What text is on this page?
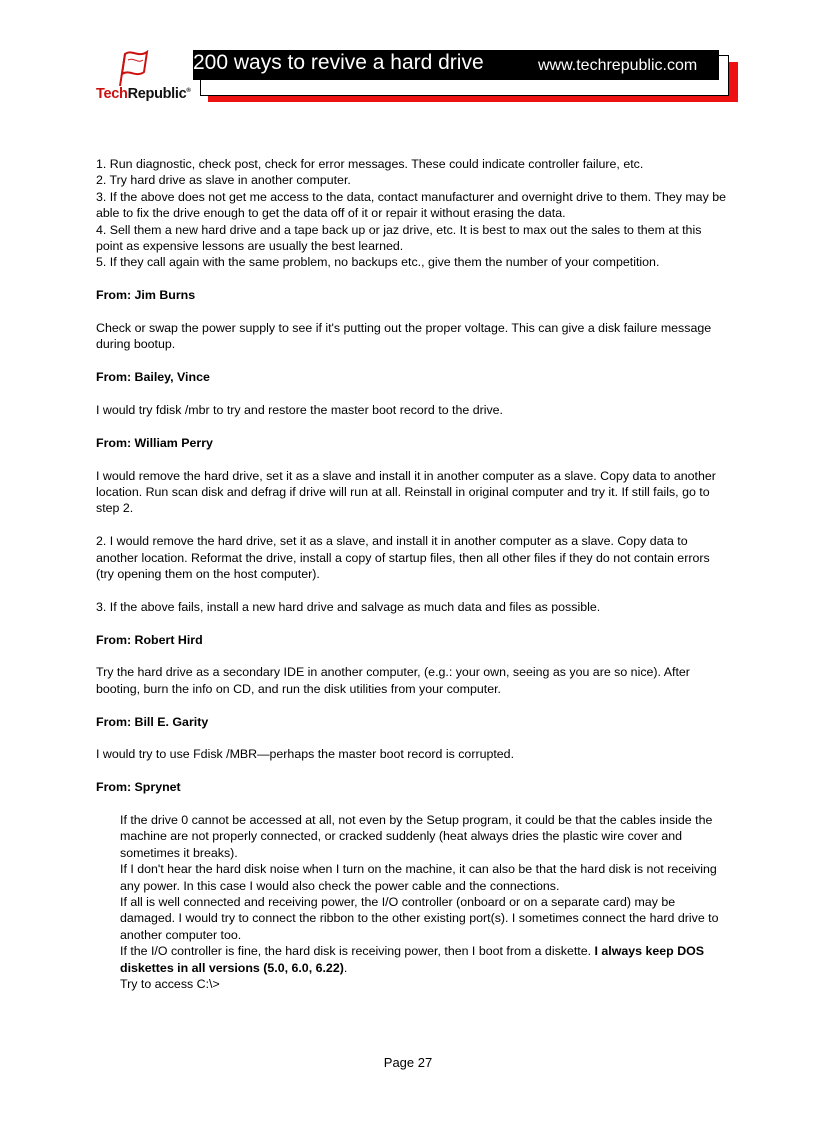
TechRepublic®
200 ways to revive a hard drive	www.techrepublic.com

1. Run diagnostic, check post, check for error messages. These could indicate controller failure, etc.

2. Try hard drive as slave in another computer.

3. If the above does not get me access to the data, contact manufacturer and overnight drive to them. They may be able to fix the drive enough to get the data off of it or repair it without erasing the data.

4. Sell them a new hard drive and a tape back up or jaz drive, etc. It is best to max out the sales to them at this point as expensive lessons are usually the best learned.

5. If they call again with the same problem, no backups etc., give them the number of your competition.

From: Jim Burns

Check or swap the power supply to see if it's putting out the proper voltage. This can give a disk failure message during bootup.

From: Bailey, Vince

I would try fdisk /mbr to try and restore the master boot record to the drive.

From: William Perry

I would remove the hard drive, set it as a slave and install it in another computer as a slave. Copy data to another location. Run scan disk and defrag if drive will run at all. Reinstall in original computer and try it. If still fails, go to step 2.

2. I would remove the hard drive, set it as a slave, and install it in another computer as a slave. Copy data to another location. Reformat the drive, install a copy of startup files, then all other files if they do not contain errors (try opening them on the host computer).

3. If the above fails, install a new hard drive and salvage as much data and files as possible.

From: Robert Hird

Try the hard drive as a secondary IDE in another computer, (e.g.: your own, seeing as you are so nice). After booting, burn the info on CD, and run the disk utilities from your computer.

From: Bill E. Garity

I would try to use Fdisk /MBR—perhaps the master boot record is corrupted.

From: Sprynet

If the drive 0 cannot be accessed at all, not even by the Setup program, it could be that the cables inside the machine are not properly connected, or cracked suddenly (heat always dries the plastic wire cover and sometimes it breaks).

If I don't hear the hard disk noise when I turn on the machine, it can also be that the hard disk is not receiving any power. In this case I would also check the power cable and the connections.

If all is well connected and receiving power, the I/O controller (onboard or on a separate card) may be damaged. I would try to connect the ribbon to the other existing port(s). I sometimes connect the hard drive to another computer too.

If the I/O controller is fine, the hard disk is receiving power, then I boot from a diskette. I always keep DOS diskettes in all versions (5.0, 6.0, 6.22).

Try to access C:\>

Page 27
